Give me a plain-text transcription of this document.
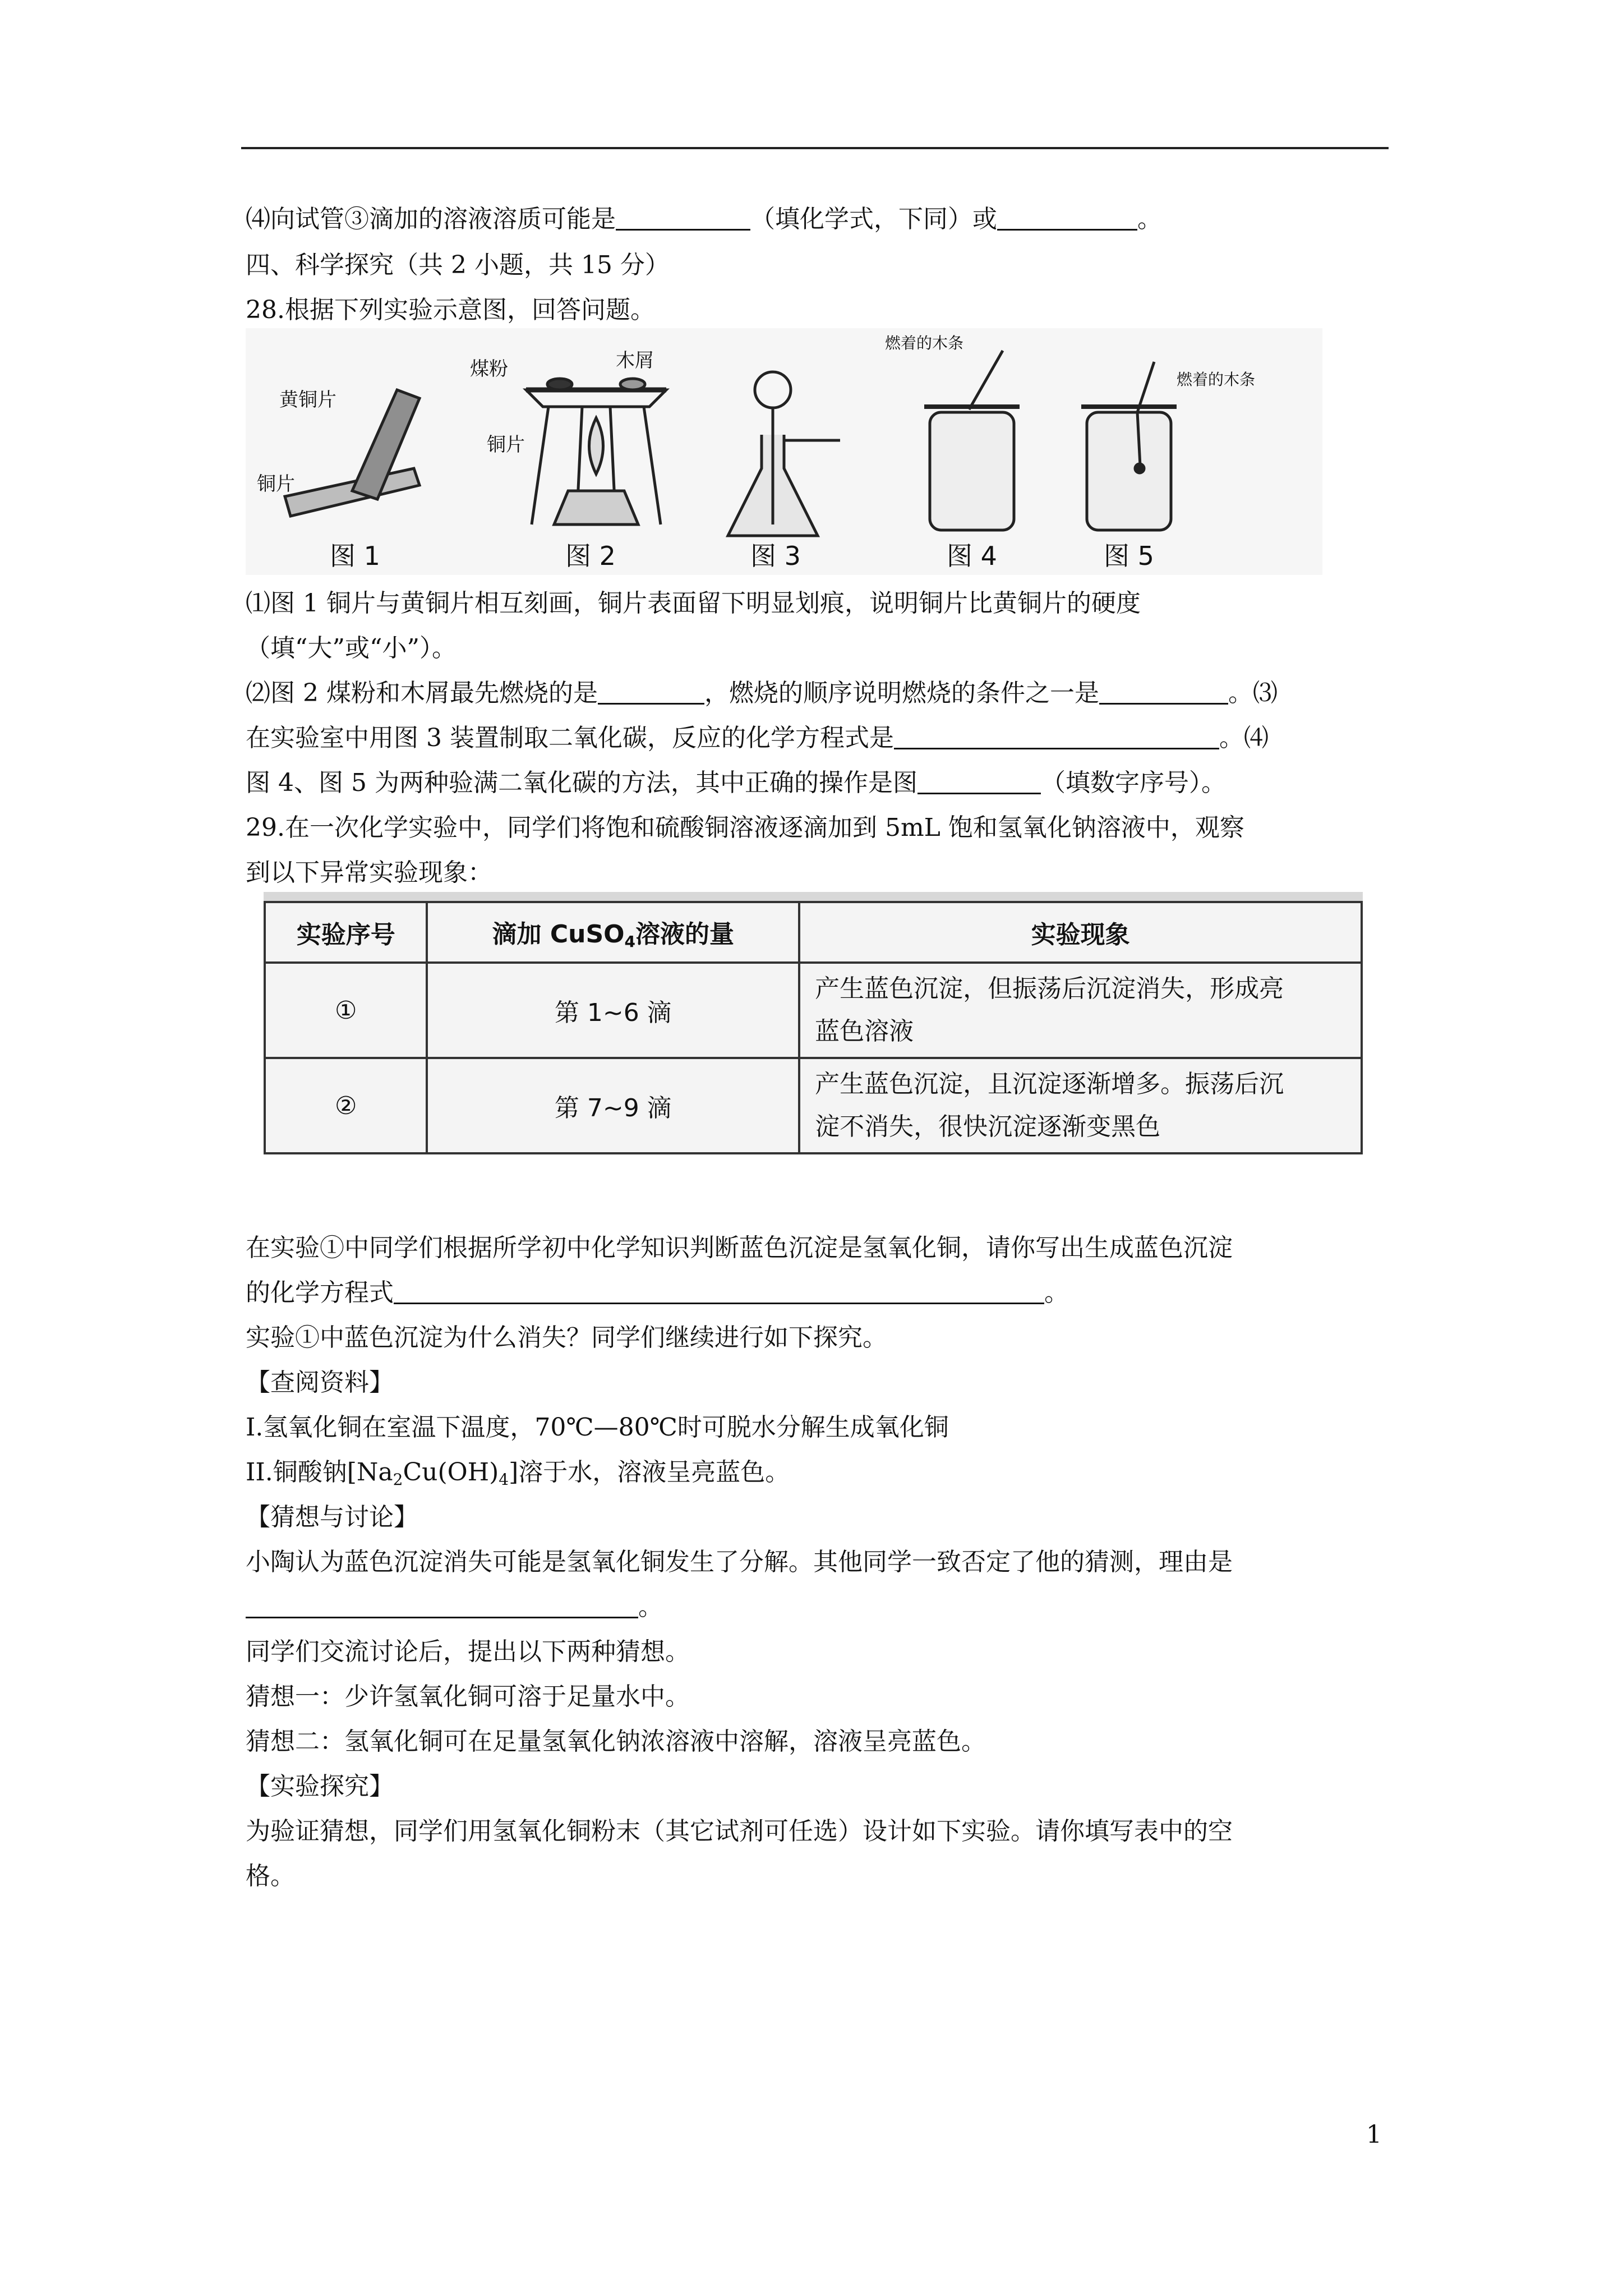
⑷向试管③滴加的溶液溶质可能是	（填化学式，下同）或	。
四、科学探究（共 2 小题，共 15 分）
28.根据下列实验示意图，回答问题。
图 1	图 2	图 3	图 4	图 5
黄铜片
铜片
煤粉	木屑
铜片
燃着的木条
燃着的木条
⑴图 1 铜片与黄铜片相互刻画，铜片表面留下明显划痕，说明铜片比黄铜片的硬度
（填“大”或“小”）。
⑵图 2 煤粉和木屑最先燃烧的是	，燃烧的顺序说明燃烧的条件之一是	。⑶
在实验室中用图 3 装置制取二氧化碳，反应的化学方程式是	。⑷
图 4、图 5 为两种验满二氧化碳的方法，其中正确的操作是图	（填数字序号）。
29.在一次化学实验中，同学们将饱和硫酸铜溶液逐滴加到 5mL 饱和氢氧化钠溶液中，观察
到以下异常实验现象：
实验序号	滴加 CuSO$_4$溶液的量	实验现象
①	第 1~6 滴	产生蓝色沉淀，但振荡后沉淀消失，形成亮
蓝色溶液
②	第 7~9 滴	产生蓝色沉淀，且沉淀逐渐增多。振荡后沉
淀不消失，很快沉淀逐渐变黑色
在实验①中同学们根据所学初中化学知识判断蓝色沉淀是氢氧化铜，请你写出生成蓝色沉淀
的化学方程式	。
实验①中蓝色沉淀为什么消失？同学们继续进行如下探究。
【查阅资料】
I.氢氧化铜在室温下温度，70℃—80℃时可脱水分解生成氧化铜
II.铜酸钠$[Na_2Cu(OH)_4]$溶于水，溶液呈亮蓝色。
【猜想与讨论】
小陶认为蓝色沉淀消失可能是氢氧化铜发生了分解。其他同学一致否定了他的猜测，理由是
。
同学们交流讨论后，提出以下两种猜想。
猜想一：少许氢氧化铜可溶于足量水中。
猜想二：氢氧化铜可在足量氢氧化钠浓溶液中溶解，溶液呈亮蓝色。
【实验探究】
为验证猜想，同学们用氢氧化铜粉末（其它试剂可任选）设计如下实验。请你填写表中的空
格。
1
